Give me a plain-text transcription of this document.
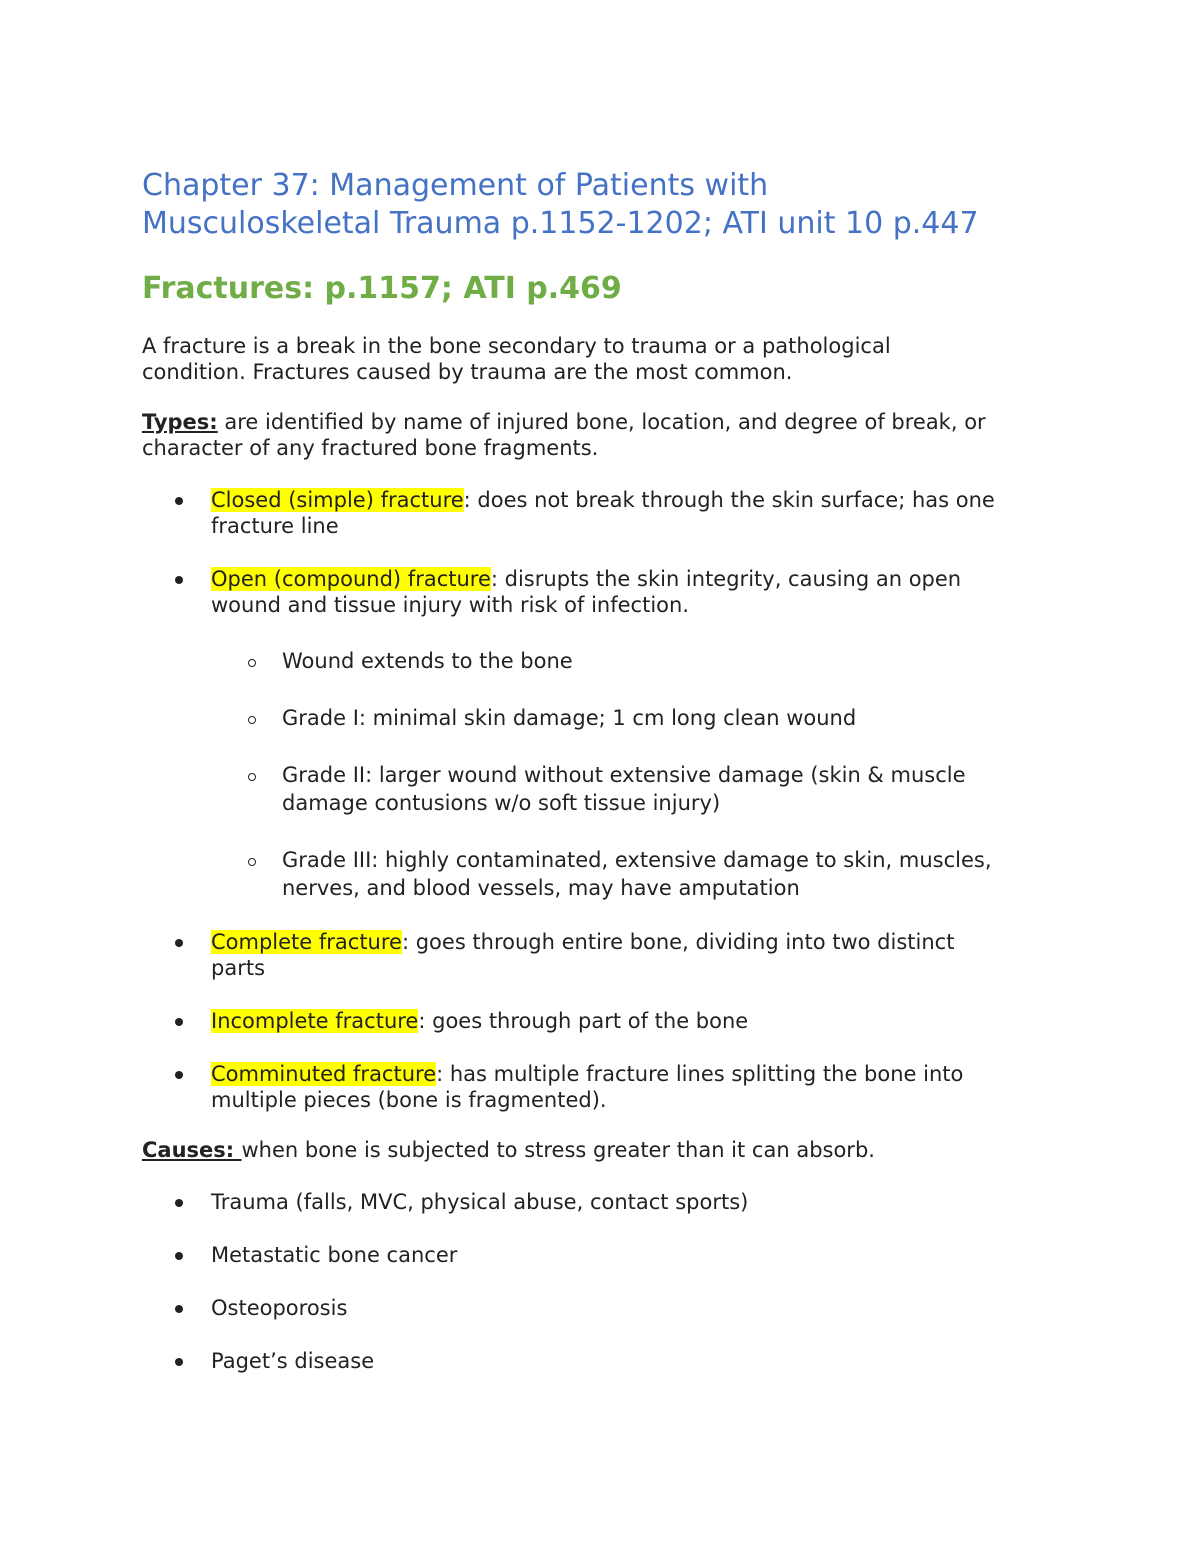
Chapter 37: Management of Patients with
Musculoskeletal Trauma p.1152-1202; ATI unit 10 p.447
Fractures: p.1157; ATI p.469

A fracture is a break in the bone secondary to trauma or a pathological
condition. Fractures caused by trauma are the most common.

Types: are identified by name of injured bone, location, and degree of break, or
character of any fractured bone fragments.

Closed (simple) fracture: does not break through the skin surface; has one
fracture line
Open (compound) fracture: disrupts the skin integrity, causing an open
wound and tissue injury with risk of infection.
Wound extends to the bone
Grade I: minimal skin damage; 1 cm long clean wound
Grade II: larger wound without extensive damage (skin & muscle
damage contusions w/o soft tissue injury)
Grade III: highly contaminated, extensive damage to skin, muscles,
nerves, and blood vessels, may have amputation
Complete fracture: goes through entire bone, dividing into two distinct
parts
Incomplete fracture: goes through part of the bone
Comminuted fracture: has multiple fracture lines splitting the bone into
multiple pieces (bone is fragmented).

Causes: when bone is subjected to stress greater than it can absorb.

Trauma (falls, MVC, physical abuse, contact sports)
Metastatic bone cancer
Osteoporosis
Paget’s disease
